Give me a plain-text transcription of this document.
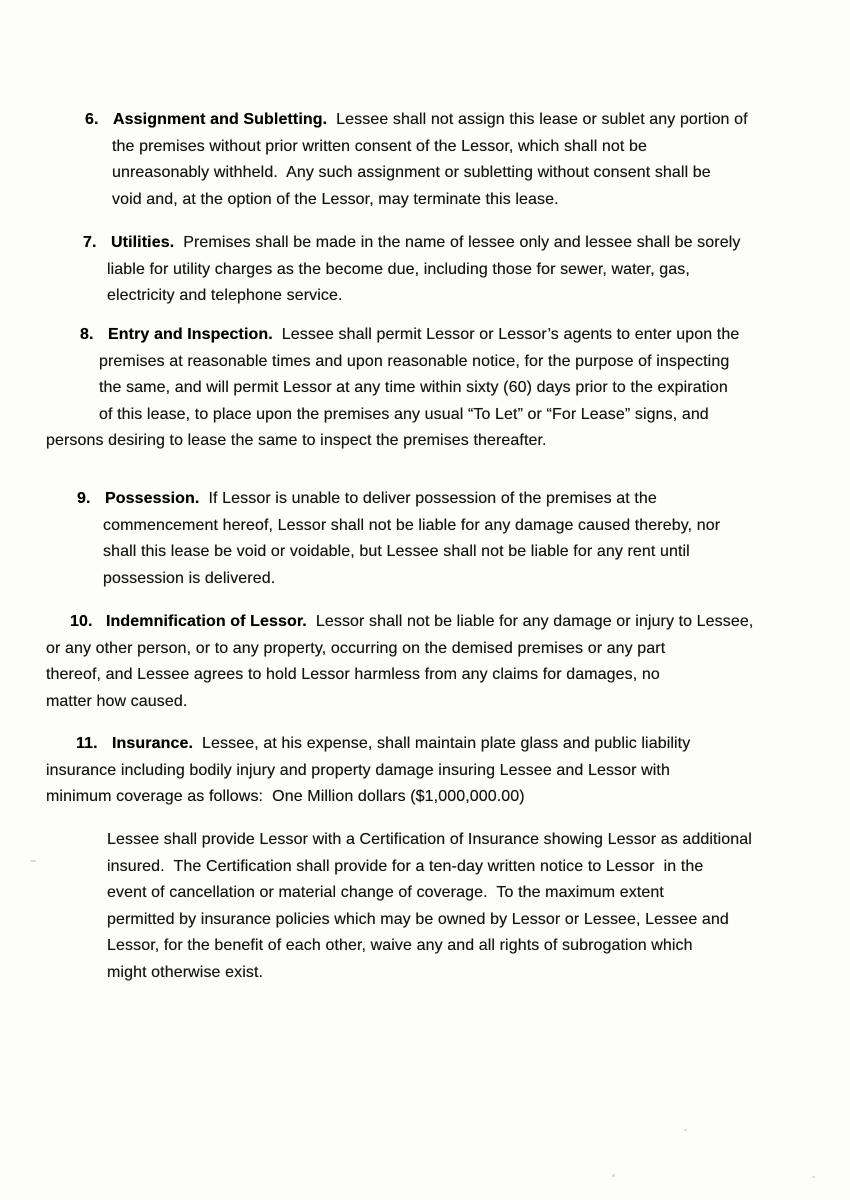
6. Assignment and Subletting. Lessee shall not assign this lease or sublet any portion of
the premises without prior written consent of the Lessor, which shall not be
unreasonably withheld.  Any such assignment or subletting without consent shall be
void and, at the option of the Lessor, may terminate this lease.
7. Utilities. Premises shall be made in the name of lessee only and lessee shall be sorely
liable for utility charges as the become due, including those for sewer, water, gas,
electricity and telephone service.
8. Entry and Inspection. Lessee shall permit Lessor or Lessor’s agents to enter upon the
premises at reasonable times and upon reasonable notice, for the purpose of inspecting
the same, and will permit Lessor at any time within sixty (60) days prior to the expiration
of this lease, to place upon the premises any usual “To Let” or “For Lease” signs, and
persons desiring to lease the same to inspect the premises thereafter.
9. Possession. If Lessor is unable to deliver possession of the premises at the
commencement hereof, Lessor shall not be liable for any damage caused thereby, nor
shall this lease be void or voidable, but Lessee shall not be liable for any rent until
possession is delivered.
10. Indemnification of Lessor. Lessor shall not be liable for any damage or injury to Lessee,
or any other person, or to any property, occurring on the demised premises or any part
thereof, and Lessee agrees to hold Lessor harmless from any claims for damages, no
matter how caused.
11. Insurance. Lessee, at his expense, shall maintain plate glass and public liability
insurance including bodily injury and property damage insuring Lessee and Lessor with
minimum coverage as follows:  One Million dollars ($1,000,000.00)
Lessee shall provide Lessor with a Certification of Insurance showing Lessor as additional
insured.  The Certification shall provide for a ten-day written notice to Lessor  in the
event of cancellation or material change of coverage.  To the maximum extent
permitted by insurance policies which may be owned by Lessor or Lessee, Lessee and
Lessor, for the benefit of each other, waive any and all rights of subrogation which
might otherwise exist.
